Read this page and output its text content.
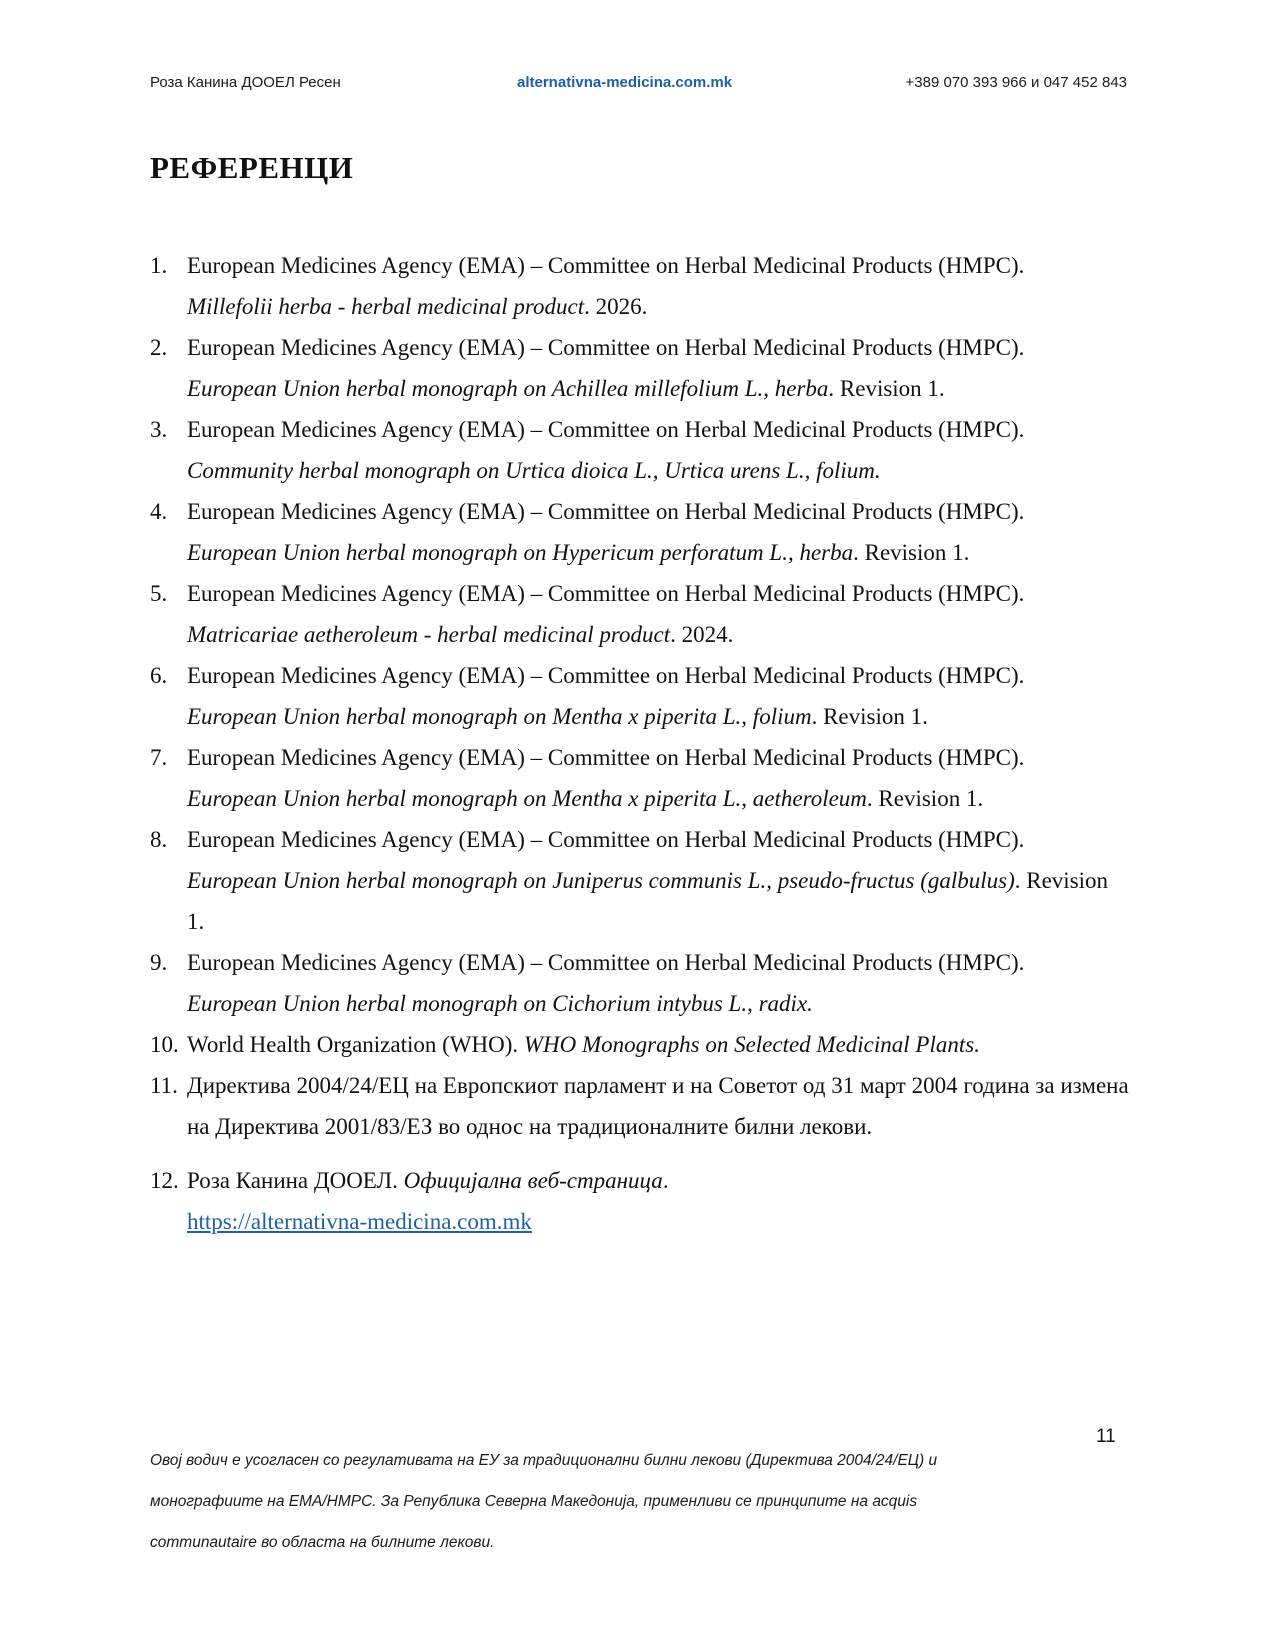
Роза Канина ДООЕЛ Ресен	alternativna-medicina.com.mk	+389 070 393 966 и 047 452 843
РЕФЕРЕНЦИ
1. European Medicines Agency (EMA) – Committee on Herbal Medicinal Products (HMPC).
Millefolii herba - herbal medicinal product. 2026.
2. European Medicines Agency (EMA) – Committee on Herbal Medicinal Products (HMPC).
European Union herbal monograph on Achillea millefolium L., herba. Revision 1.
3. European Medicines Agency (EMA) – Committee on Herbal Medicinal Products (HMPC).
Community herbal monograph on Urtica dioica L., Urtica urens L., folium.
4. European Medicines Agency (EMA) – Committee on Herbal Medicinal Products (HMPC).
European Union herbal monograph on Hypericum perforatum L., herba. Revision 1.
5. European Medicines Agency (EMA) – Committee on Herbal Medicinal Products (HMPC).
Matricariae aetheroleum - herbal medicinal product. 2024.
6. European Medicines Agency (EMA) – Committee on Herbal Medicinal Products (HMPC).
European Union herbal monograph on Mentha x piperita L., folium. Revision 1.
7. European Medicines Agency (EMA) – Committee on Herbal Medicinal Products (HMPC).
European Union herbal monograph on Mentha x piperita L., aetheroleum. Revision 1.
8. European Medicines Agency (EMA) – Committee on Herbal Medicinal Products (HMPC).
European Union herbal monograph on Juniperus communis L., pseudo-fructus (galbulus). Revision 1.
9. European Medicines Agency (EMA) – Committee on Herbal Medicinal Products (HMPC).
European Union herbal monograph on Cichorium intybus L., radix.
10. World Health Organization (WHO). WHO Monographs on Selected Medicinal Plants.
11. Директива 2004/24/ЕЦ на Европскиот парламент и на Советот од 31 март 2004 година за измена на Директива 2001/83/ЕЗ во однос на традиционалните билни лекови.
12. Роза Канина ДООЕЛ. Официјална веб-страница.
https://alternativna-medicina.com.mk
11
Овој водич е усогласен со регулативата на ЕУ за традиционални билни лекови (Директива 2004/24/ЕЦ) и
монографиите на ЕМА/HMPC. За Република Северна Македонија, применливи се принципите на acquis
communautaire во областа на билните лекови.
